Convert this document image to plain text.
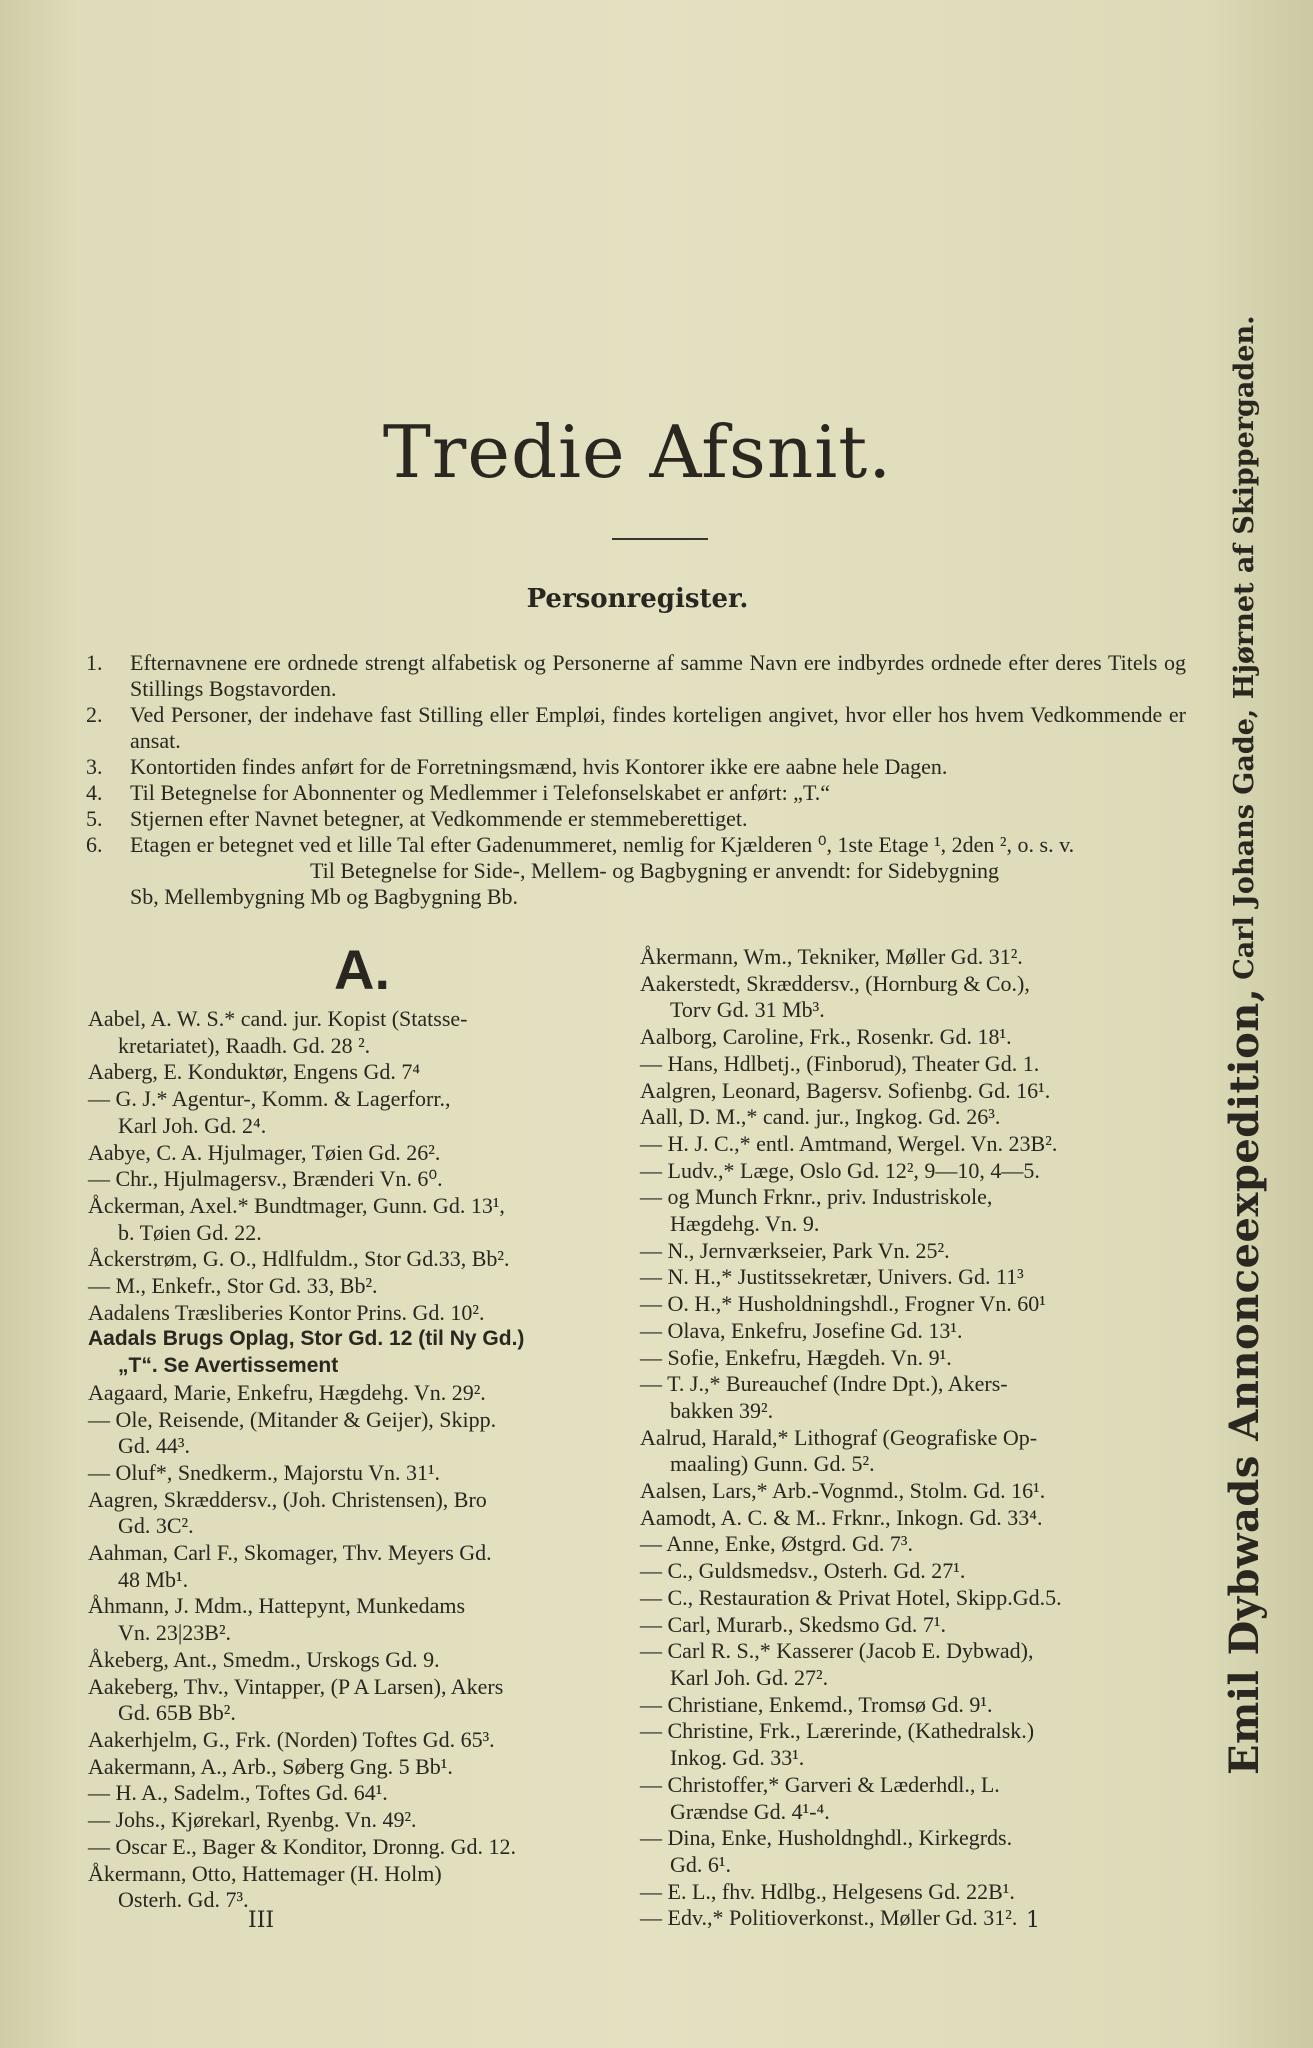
Tredie Afsnit.
Personregister.
1.	Efternavnene ere ordnede strengt alfabetisk og Personerne af samme Navn ere indbyrdes ordnede efter deres Titels og Stillings Bogstavorden.
2.	Ved Personer, der indehave fast Stilling eller Empløi, findes korteligen angivet, hvor eller hos hvem Vedkommende er ansat.
3.	Kontortiden findes anført for de Forretningsmænd, hvis Kontorer ikke ere aabne hele Dagen.
4.	Til Betegnelse for Abonnenter og Medlemmer i Telefonselskabet er anført: „T.“
5.	Stjernen efter Navnet betegner, at Vedkommende er stemmeberettiget.
6.	Etagen er betegnet ved et lille Tal efter Gadenummeret, nemlig for Kjælderen ⁰, 1ste Etage ¹, 2den ², o. s. v.
Til Betegnelse for Side-, Mellem- og Bagbygning er anvendt: for Sidebygning
Sb, Mellembygning Mb og Bagbygning Bb.
A.
Aabel, A. W. S.* cand. jur. Kopist (Statsse-
kretariatet), Raadh. Gd. 28 ².
Aaberg, E. Konduktør, Engens Gd. 7⁴
— G. J.* Agentur-, Komm. & Lagerforr.,
Karl Joh. Gd. 2⁴.
Aabye, C. A. Hjulmager, Tøien Gd. 26².
— Chr., Hjulmagersv., Brænderi Vn. 6⁰.
Åckerman, Axel.* Bundtmager, Gunn. Gd. 13¹,
b. Tøien Gd. 22.
Åckerstrøm, G. O., Hdlfuldm., Stor Gd.33, Bb².
— M., Enkefr., Stor Gd. 33, Bb².
Aadalens Træsliberies Kontor Prins. Gd. 10².
Aadals Brugs Oplag, Stor Gd. 12 (til Ny Gd.)
„T“. Se Avertissement
Aagaard, Marie, Enkefru, Hægdehg. Vn. 29².
— Ole, Reisende, (Mitander & Geijer), Skipp.
Gd. 44³.
— Oluf*, Snedkerm., Majorstu Vn. 31¹.
Aagren, Skræddersv., (Joh. Christensen), Bro
Gd. 3C².
Aahman, Carl F., Skomager, Thv. Meyers Gd.
48 Mb¹.
Åhmann, J. Mdm., Hattepynt, Munkedams
Vn. 23|23B².
Åkeberg, Ant., Smedm., Urskogs Gd. 9.
Aakeberg, Thv., Vintapper, (P A Larsen), Akers
Gd. 65B Bb².
Aakerhjelm, G., Frk. (Norden) Toftes Gd. 65³.
Aakermann, A., Arb., Søberg Gng. 5 Bb¹.
— H. A., Sadelm., Toftes Gd. 64¹.
— Johs., Kjørekarl, Ryenbg. Vn. 49².
— Oscar E., Bager & Konditor, Dronng. Gd. 12.
Åkermann, Otto, Hattemager (H. Holm)
Osterh. Gd. 7³.
Åkermann, Wm., Tekniker, Møller Gd. 31².
Aakerstedt, Skræddersv., (Hornburg & Co.),
Torv Gd. 31 Mb³.
Aalborg, Caroline, Frk., Rosenkr. Gd. 18¹.
— Hans, Hdlbetj., (Finborud), Theater Gd. 1.
Aalgren, Leonard, Bagersv. Sofienbg. Gd. 16¹.
Aall, D. M.,* cand. jur., Ingkog. Gd. 26³.
— H. J. C.,* entl. Amtmand, Wergel. Vn. 23B².
— Ludv.,* Læge, Oslo Gd. 12², 9—10, 4—5.
— og Munch Frknr., priv. Industriskole,
Hægdehg. Vn. 9.
— N., Jernværkseier, Park Vn. 25².
— N. H.,* Justitssekretær, Univers. Gd. 11³
— O. H.,* Husholdningshdl., Frogner Vn. 60¹
— Olava, Enkefru, Josefine Gd. 13¹.
— Sofie, Enkefru, Hægdeh. Vn. 9¹.
— T. J.,* Bureauchef (Indre Dpt.), Akers-
bakken 39².
Aalrud, Harald,* Lithograf (Geografiske Op-
maaling) Gunn. Gd. 5².
Aalsen, Lars,* Arb.-Vognmd., Stolm. Gd. 16¹.
Aamodt, A. C. & M.. Frknr., Inkogn. Gd. 33⁴.
— Anne, Enke, Østgrd. Gd. 7³.
— C., Guldsmedsv., Osterh. Gd. 27¹.
— C., Restauration & Privat Hotel, Skipp.Gd.5.
— Carl, Murarb., Skedsmo Gd. 7¹.
— Carl R. S.,* Kasserer (Jacob E. Dybwad),
Karl Joh. Gd. 27².
— Christiane, Enkemd., Tromsø Gd. 9¹.
— Christine, Frk., Lærerinde, (Kathedralsk.)
Inkog. Gd. 33¹.
— Christoffer,* Garveri & Læderhdl., L.
Grændse Gd. 4¹-⁴.
— Dina, Enke, Husholdnghdl., Kirkegrds.
Gd. 6¹.
— E. L., fhv. Hdlbg., Helgesens Gd. 22B¹.
— Edv.,* Politioverkonst., Møller Gd. 31².
III	1
Emil Dybwads Annonceexpedition,
Carl Johans Gade, Hjørnet af Skippergaden.
